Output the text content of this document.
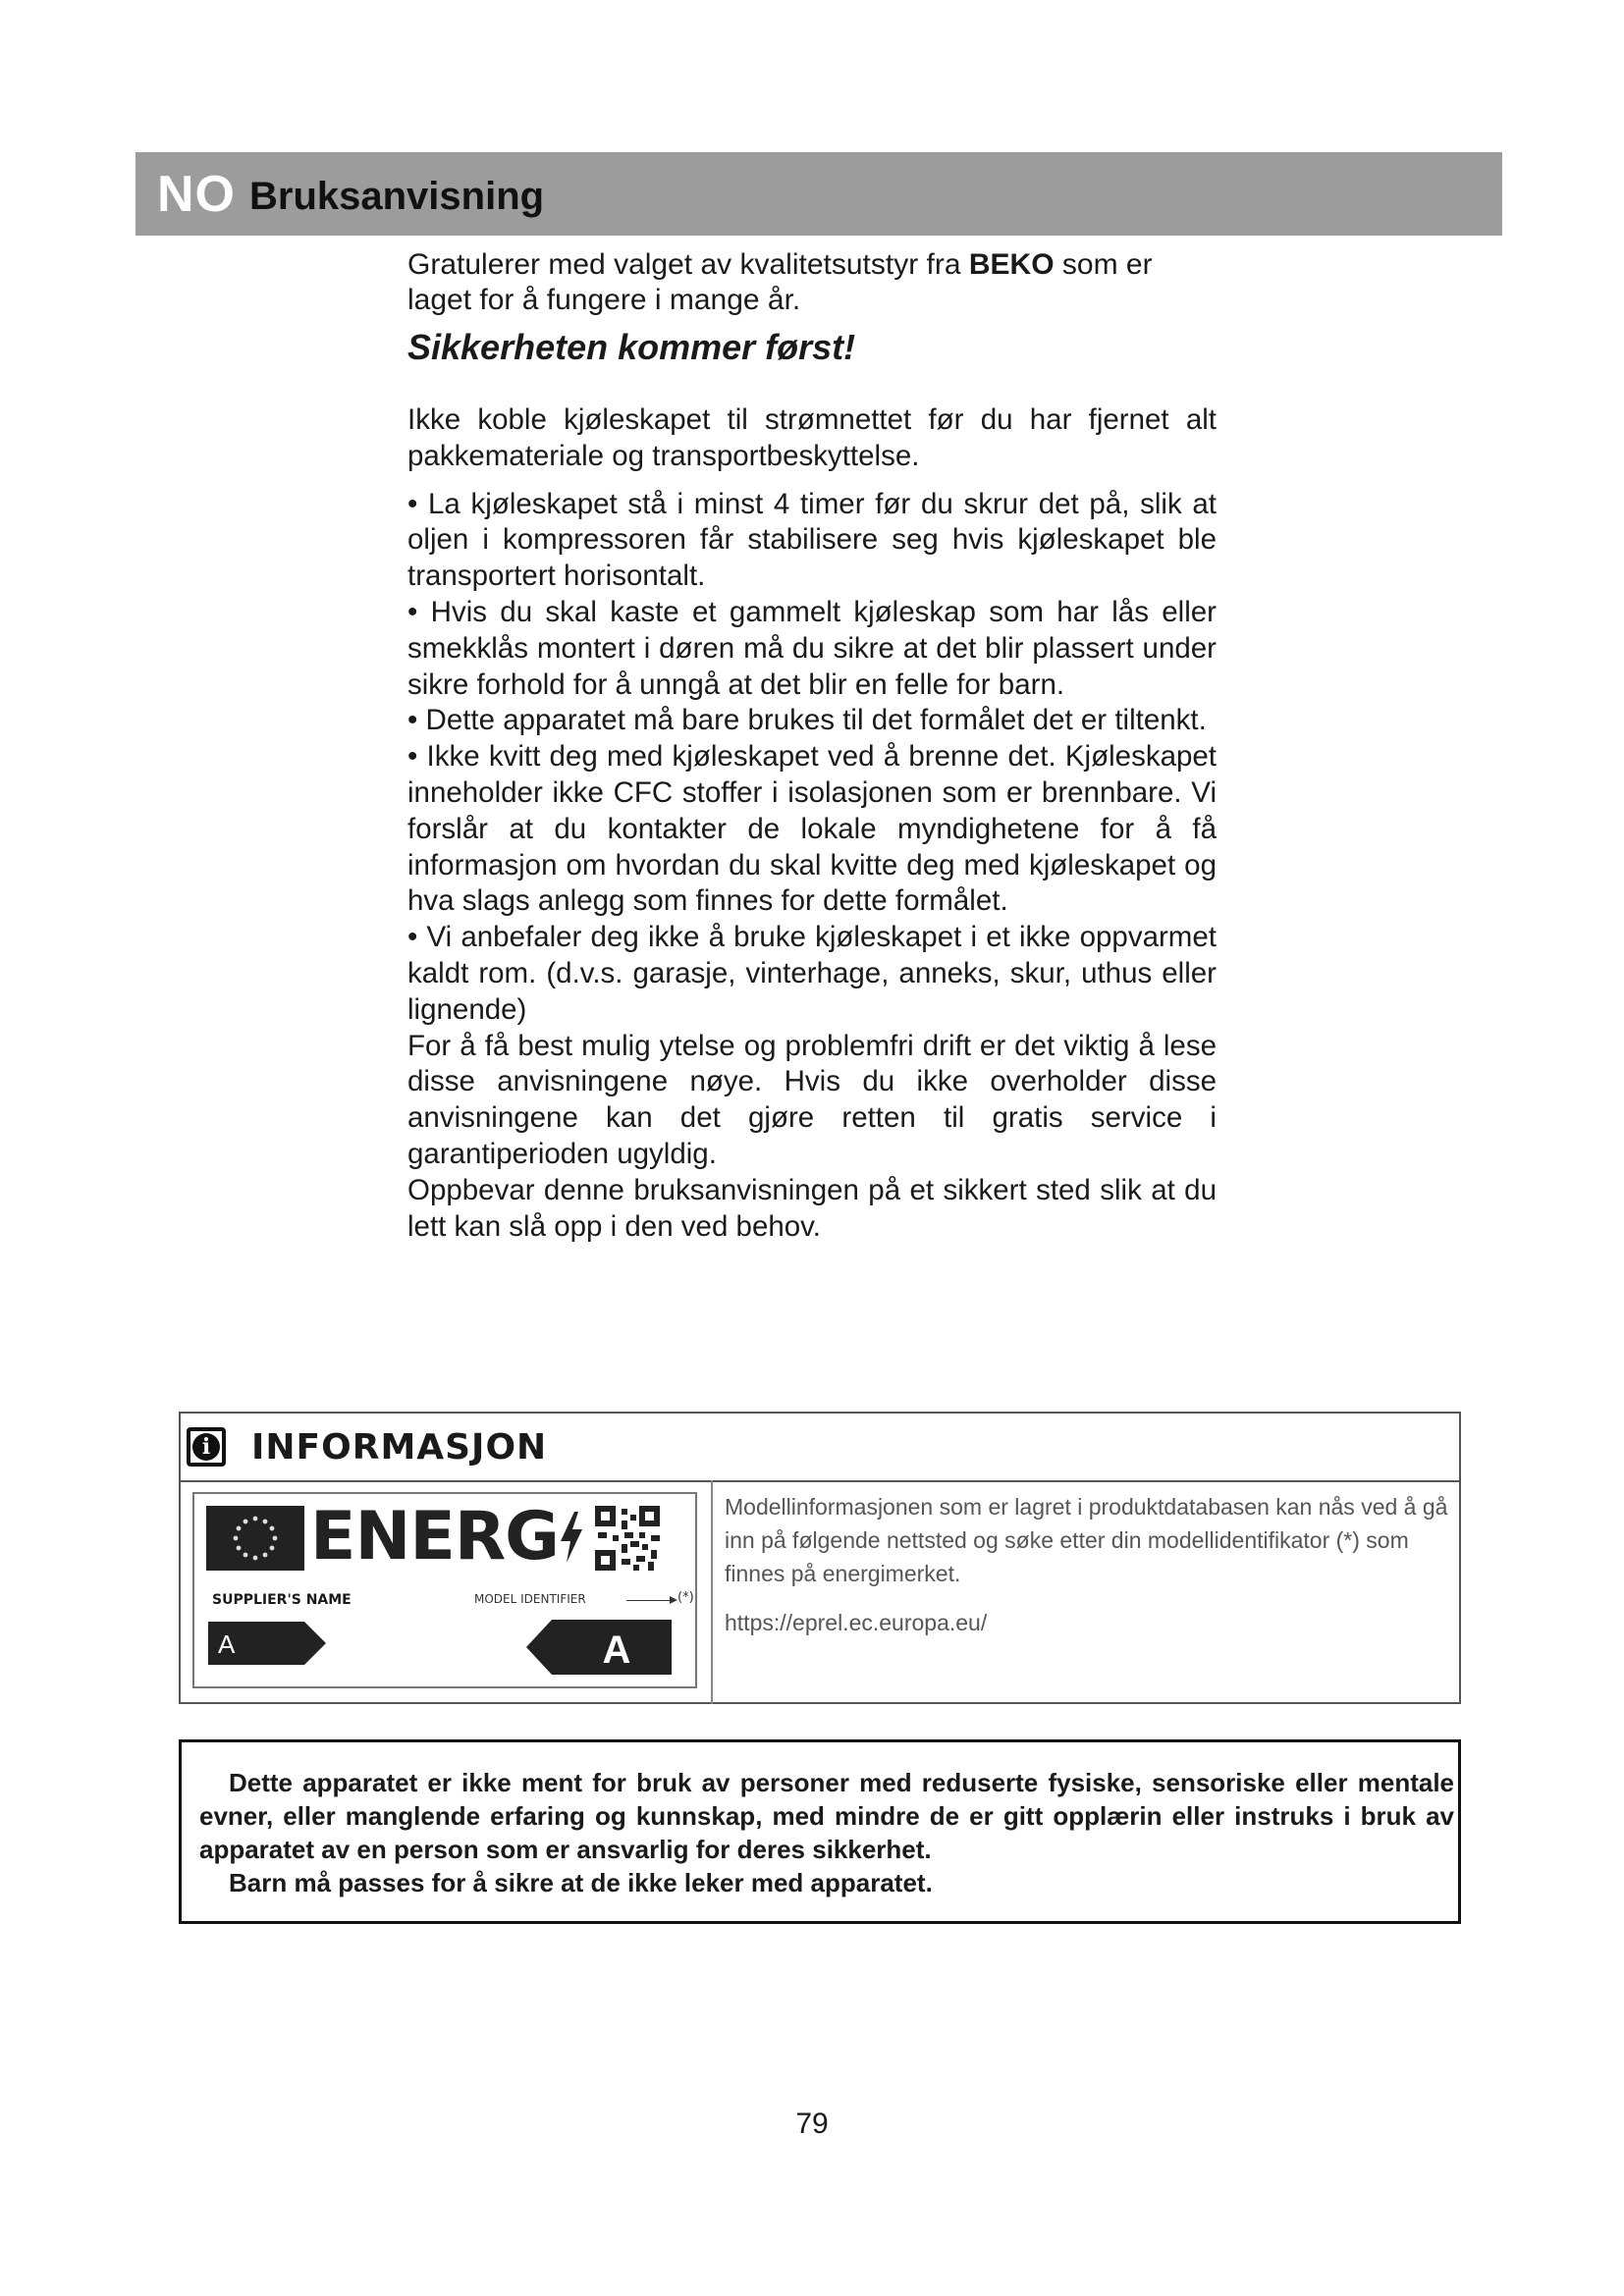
NO Bruksanvisning
Gratulerer med valget av kvalitetsutstyr fra BEKO som er laget for å fungere i mange år.
Sikkerheten kommer først!

Ikke koble kjøleskapet til strømnettet før du har fjernet alt pakkemateriale og transportbeskyttelse.

• La kjøleskapet stå i minst 4 timer før du skrur det på, slik at oljen i kompressoren får stabilisere seg hvis kjøleskapet ble transportert horisontalt.

• Hvis du skal kaste et gammelt kjøleskap som har lås eller smekklås montert i døren må du sikre at det blir plassert under sikre forhold for å unngå at det blir en felle for barn.

• Dette apparatet må bare brukes til det formålet det er tiltenkt.

• Ikke kvitt deg med kjøleskapet ved å brenne det. Kjøleskapet inneholder ikke CFC stoffer i isolasjonen som er brennbare. Vi forslår at du kontakter de lokale myndighetene for å få informasjon om hvordan du skal kvitte deg med kjøleskapet og hva slags anlegg som finnes for dette formålet.

• Vi anbefaler deg ikke å bruke kjøleskapet i et ikke oppvarmet kaldt rom. (d.v.s. garasje, vinterhage, anneks, skur, uthus eller lignende)

For å få best mulig ytelse og problemfri drift er det viktig å lese disse anvisningene nøye. Hvis du ikke overholder disse anvisningene kan det gjøre retten til gratis service i garantiperioden ugyldig.

Oppbevar denne bruksanvisningen på et sikkert sted slik at du lett kan slå opp i den ved behov.

i INFORMASJON
ENERG
SUPPLIER'S NAME	MODEL IDENTIFIER	(*)
A	A
Modellinformasjonen som er lagret i produktdatabasen kan nås ved å gå inn på følgende nettsted og søke etter din modellidentifikator (*) som finnes på energimerket.
https://eprel.ec.europa.eu/

Dette apparatet er ikke ment for bruk av personer med reduserte fysiske, sensoriske eller mentale evner, eller manglende erfaring og kunnskap, med mindre de er gitt opplærin eller instruks i bruk av apparatet av en person som er ansvarlig for deres sikkerhet.

Barn må passes for å sikre at de ikke leker med apparatet.

79
